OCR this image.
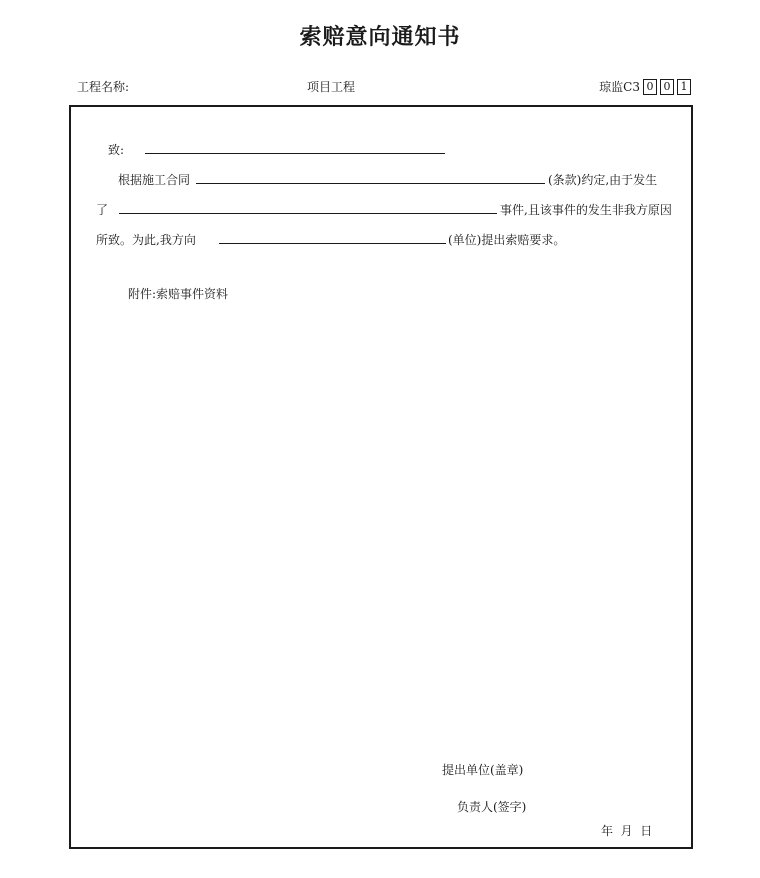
索赔意向通知书
工程名称:	项目工程	琼监C3 0 0 1
致:
根据施工合同	(条款)约定,由于发生
了	事件,且该事件的发生非我方原因
所致。为此,我方向	(单位)提出索赔要求。
附件:索赔事件资料
提出单位(盖章)
负责人(签字)
年  月  日
